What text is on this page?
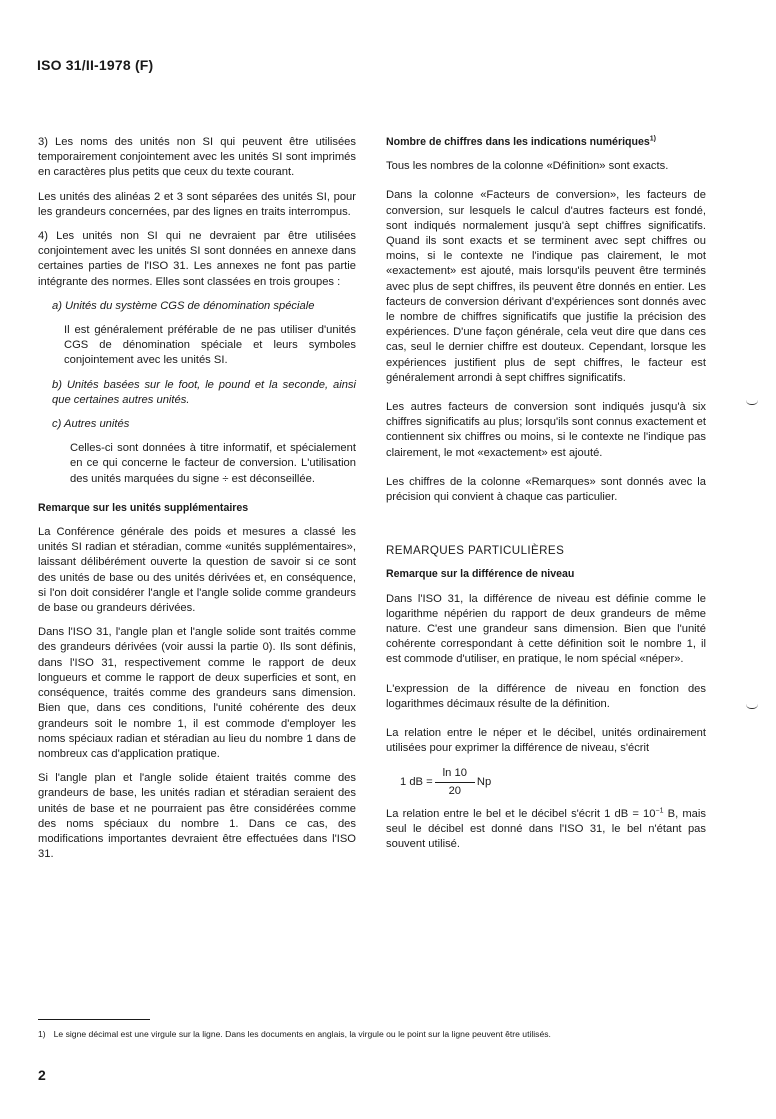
ISO 31/II-1978 (F)

3) Les noms des unités non SI qui peuvent être utilisées temporairement conjointement avec les unités SI sont imprimés en caractères plus petits que ceux du texte courant.

Les unités des alinéas 2 et 3 sont séparées des unités SI, pour les grandeurs concernées, par des lignes en traits interrompus.

4) Les unités non SI qui ne devraient par être utilisées conjointement avec les unités SI sont données en annexe dans certaines parties de l'ISO 31. Les annexes ne font pas partie intégrante des normes. Elles sont classées en trois groupes :

a) Unités du système CGS de dénomination spéciale

Il est généralement préférable de ne pas utiliser d'unités CGS de dénomination spéciale et leurs symboles conjointement avec les unités SI.

b) Unités basées sur le foot, le pound et la seconde, ainsi que certaines autres unités.

c) Autres unités

Celles-ci sont données à titre informatif, et spécialement en ce qui concerne le facteur de conversion. L'utilisation des unités marquées du signe ÷ est déconseillée.

Remarque sur les unités supplémentaires

La Conférence générale des poids et mesures a classé les unités SI radian et stéradian, comme «unités supplémentaires», laissant délibérément ouverte la question de savoir si ce sont des unités de base ou des unités dérivées et, en conséquence, si l'on doit considérer l'angle et l'angle solide comme grandeurs de base ou grandeurs dérivées.

Dans l'ISO 31, l'angle plan et l'angle solide sont traités comme des grandeurs dérivées (voir aussi la partie 0). Ils sont définis, dans l'ISO 31, respectivement comme le rapport de deux longueurs et comme le rapport de deux superficies et sont, en conséquence, traités comme des grandeurs sans dimension. Bien que, dans ces conditions, l'unité cohérente des deux grandeurs soit le nombre 1, il est commode d'employer les noms spéciaux radian et stéradian au lieu du nombre 1 dans de nombreux cas d'application pratique.

Si l'angle plan et l'angle solide étaient traités comme des grandeurs de base, les unités radian et stéradian seraient des unités de base et ne pourraient pas être considérées comme des noms spéciaux du nombre 1. Dans ce cas, des modifications importantes devraient être effectuées dans l'ISO 31.

Nombre de chiffres dans les indications numériques$^{1)}$

Tous les nombres de la colonne «Définition» sont exacts.

Dans la colonne «Facteurs de conversion», les facteurs de conversion, sur lesquels le calcul d'autres facteurs est fondé, sont indiqués normalement jusqu'à sept chiffres significatifs. Quand ils sont exacts et se terminent avec sept chiffres ou moins, si le contexte ne l'indique pas clairement, le mot «exactement» est ajouté, mais lorsqu'ils peuvent être terminés avec plus de sept chiffres, ils peuvent être donnés en entier. Les facteurs de conversion dérivant d'expériences sont donnés avec le nombre de chiffres significatifs que justifie la précision des expériences. D'une façon générale, cela veut dire que dans ces cas, seul le dernier chiffre est douteux. Cependant, lorsque les expériences justifient plus de sept chiffres, le facteur est généralement arrondi à sept chiffres significatifs.

Les autres facteurs de conversion sont indiqués jusqu'à six chiffres significatifs au plus; lorsqu'ils sont connus exactement et contiennent six chiffres ou moins, si le contexte ne l'indique pas clairement, le mot «exactement» est ajouté.

Les chiffres de la colonne «Remarques» sont donnés avec la précision qui convient à chaque cas particulier.

REMARQUES PARTICULIÈRES

Remarque sur la différence de niveau

Dans l'ISO 31, la différence de niveau est définie comme le logarithme népérien du rapport de deux grandeurs de même nature. C'est une grandeur sans dimension. Bien que l'unité cohérente correspondant à cette définition soit le nombre 1, il est commode d'utiliser, en pratique, le nom spécial «néper».

L'expression de la différence de niveau en fonction des logarithmes décimaux résulte de la définition.

La relation entre le néper et le décibel, unités ordinairement utilisées pour exprimer la différence de niveau, s'écrit

1 dB = $\frac{\ln 10}{20}$ Np

La relation entre le bel et le décibel s'écrit 1 dB = $10^{-1}$ B, mais seul le décibel est donné dans l'ISO 31, le bel n'étant pas souvent utilisé.

1) Le signe décimal est une virgule sur la ligne. Dans les documents en anglais, la virgule ou le point sur la ligne peuvent être utilisés.
2
